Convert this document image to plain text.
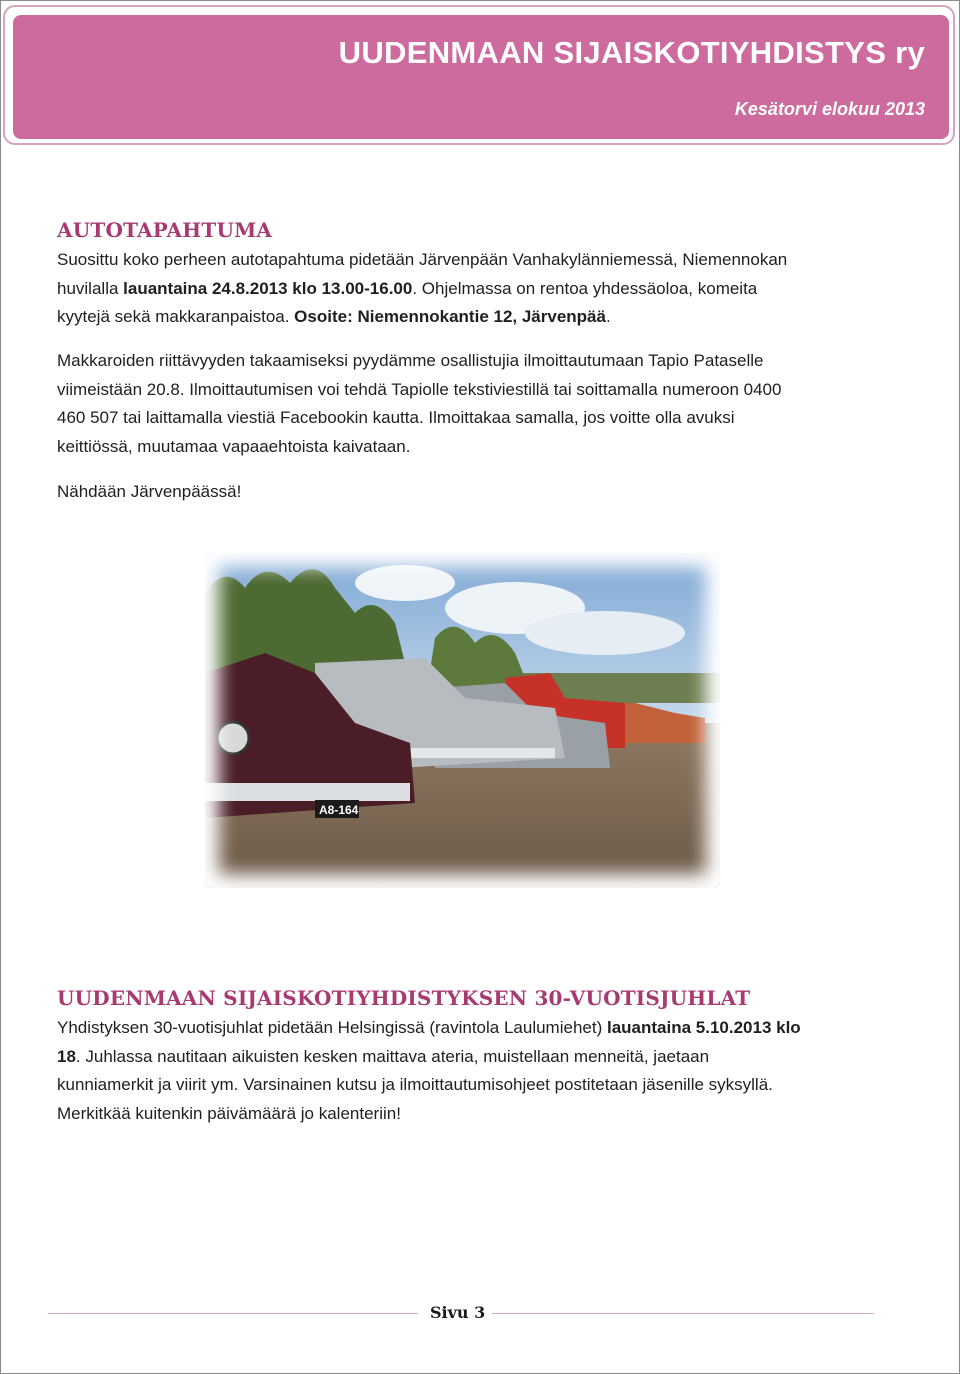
UUDENMAAN SIJAISKOTIYHDISTYS ry
Kesätorvi elokuu 2013
AUTOTAPAHTUMA

Suosittu koko perheen autotapahtuma pidetään Järvenpään Vanhakylänniemessä, Niemennokan
huvilalla lauantaina 24.8.2013 klo 13.00-16.00. Ohjelmassa on rentoa yhdessäoloa, komeita
kyytejä sekä makkaranpaistoa. Osoite: Niemennokantie 12, Järvenpää.

Makkaroiden riittävyyden takaamiseksi pyydämme osallistujia ilmoittautumaan Tapio Pataselle
viimeistään 20.8. Ilmoittautumisen voi tehdä Tapiolle tekstiviestillä tai soittamalla numeroon 0400
460 507 tai laittamalla viestiä Facebookin kautta. Ilmoittakaa samalla, jos voitte olla avuksi
keittiössä, muutamaa vapaaehtoista kaivataan.

Nähdään Järvenpäässä!

A8-164
UUDENMAAN SIJAISKOTIYHDISTYKSEN 30-VUOTISJUHLAT

Yhdistyksen 30-vuotisjuhlat pidetään Helsingissä (ravintola Laulumiehet) lauantaina 5.10.2013 klo
18. Juhlassa nautitaan aikuisten kesken maittava ateria, muistellaan menneitä, jaetaan
kunniamerkit ja viirit ym. Varsinainen kutsu ja ilmoittautumisohjeet postitetaan jäsenille syksyllä.
Merkitkää kuitenkin päivämäärä jo kalenteriin!

Sivu 3
